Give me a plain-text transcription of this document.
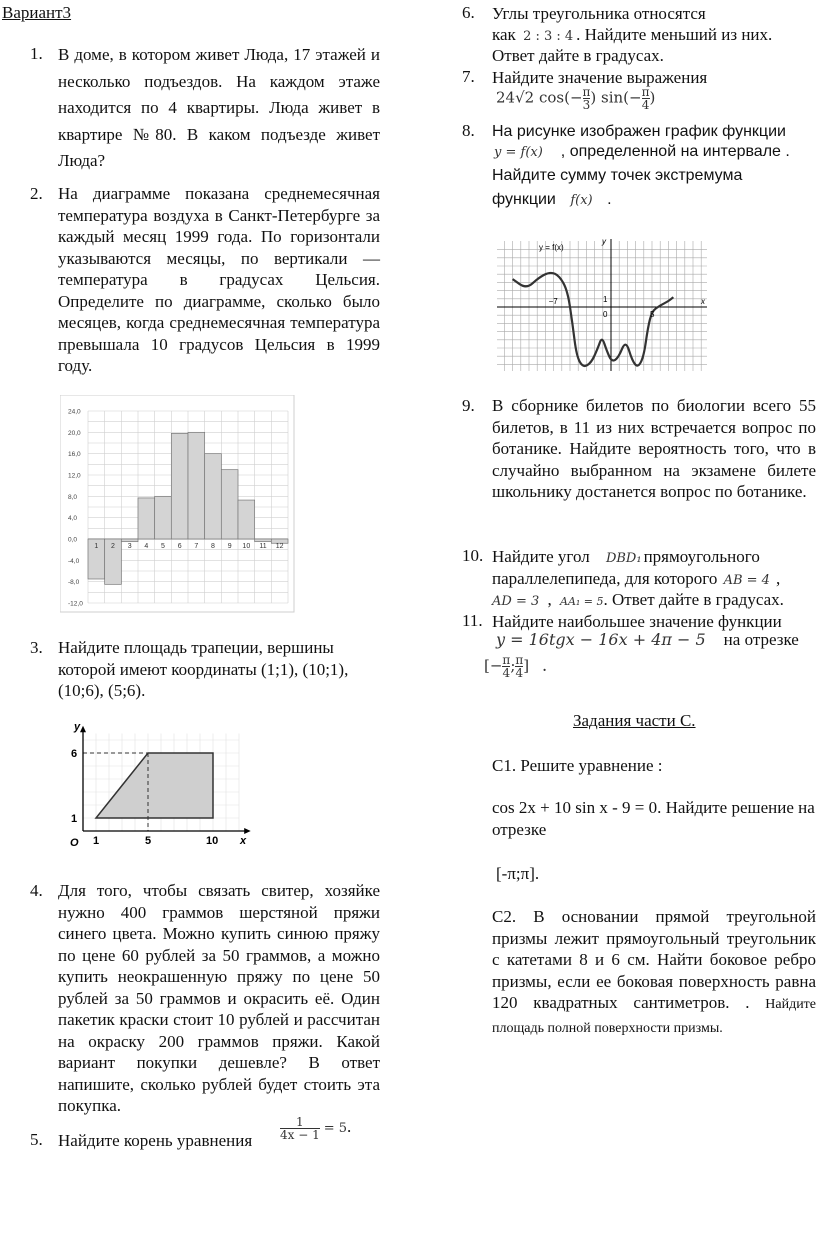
Вариант3
1. В доме, в котором живет Люда, 17 этажей и несколько подъездов. На каждом этаже находится по 4 квартиры. Люда живет в квартире №80. В каком подъезде живет Люда?
2. На диаграмме показана среднемесячная температура воздуха в Санкт-Петербурге за каждый месяц 1999 года. По горизонтали указываются месяцы, по вертикали — температура в градусах Цельсия. Определите по диаграмме, сколько было месяцев, когда среднемесячная температура превышала 10 градусов Цельсия в 1999 году.
24,0
20,0
16,0
12,0
8,0
4,0
0,0
-4,0
-8,0
-12,0
1 2 3 4 5 6 7 8 9 10 11 12
3. Найдите площадь трапеции, вершины которой имеют координаты (1;1), (10;1), (10;6), (5;6).
y
x
O 1	5	10
1
6
4. Для того, чтобы связать свитер, хозяйке нужно 400 граммов шерстяной пряжи синего цвета. Можно купить синюю пряжу по цене 60 рублей за 50 граммов, а можно купить неокрашенную пряжу по цене 50 рублей за 50 граммов и окрасить её. Один пакетик краски стоит 10 рублей и рассчитан на окраску 200 граммов пряжи. Какой вариант покупки дешевле? В ответ напишите, сколько рублей будет стоить эта покупка.
5. Найдите корень уравнения $\frac{1}{4x - 1} = 5$.
6. Углы треугольника относятся
как 2 : 3 : 4 . Найдите меньший из них.
Ответ дайте в градусах.
7. Найдите значение выражения
24√2 $\cos(- \frac{\pi}{3}$ ) $\sin(- \frac{\pi}{4}$ )
8. На рисунке изображен график функции
y = f(x) , определенной на интервале .
Найдите сумму точек экстремума
функции f(x) .
y = f(x)
y
x
−7
0
1
5
9. В сборнике билетов по биологии всего 55 билетов, в 11 из них встречается вопрос по ботанике. Найдите вероятность того, что в случайно выбранном на экзамене билете школьнику достанется вопрос по ботанике.
10. Найдите угол DBD₁ прямоугольного
параллелепипеда, для которого AB = 4 ,
AD = 3 , AA₁ = 5. Ответ дайте в градусах.
11. Найдите наибольшее значение функции
y = 16tgx − 16x + 4π − 5 на отрезке
[− $\frac{\pi}{4}$ ; $\frac{\pi}{4}$ ] .
Задания части С.
С1. Решите уравнение :
cos 2x + 10 sin x - 9 = 0. Найдите решение на отрезке
[-π;π].
С2. В основании прямой треугольной призмы лежит прямоугольный треугольник с катетами 8 и 6 см. Найти боковое ребро призмы, если ее боковая поверхность равна 120 квадратных сантиметров. . Найдите площадь полной поверхности призмы.
